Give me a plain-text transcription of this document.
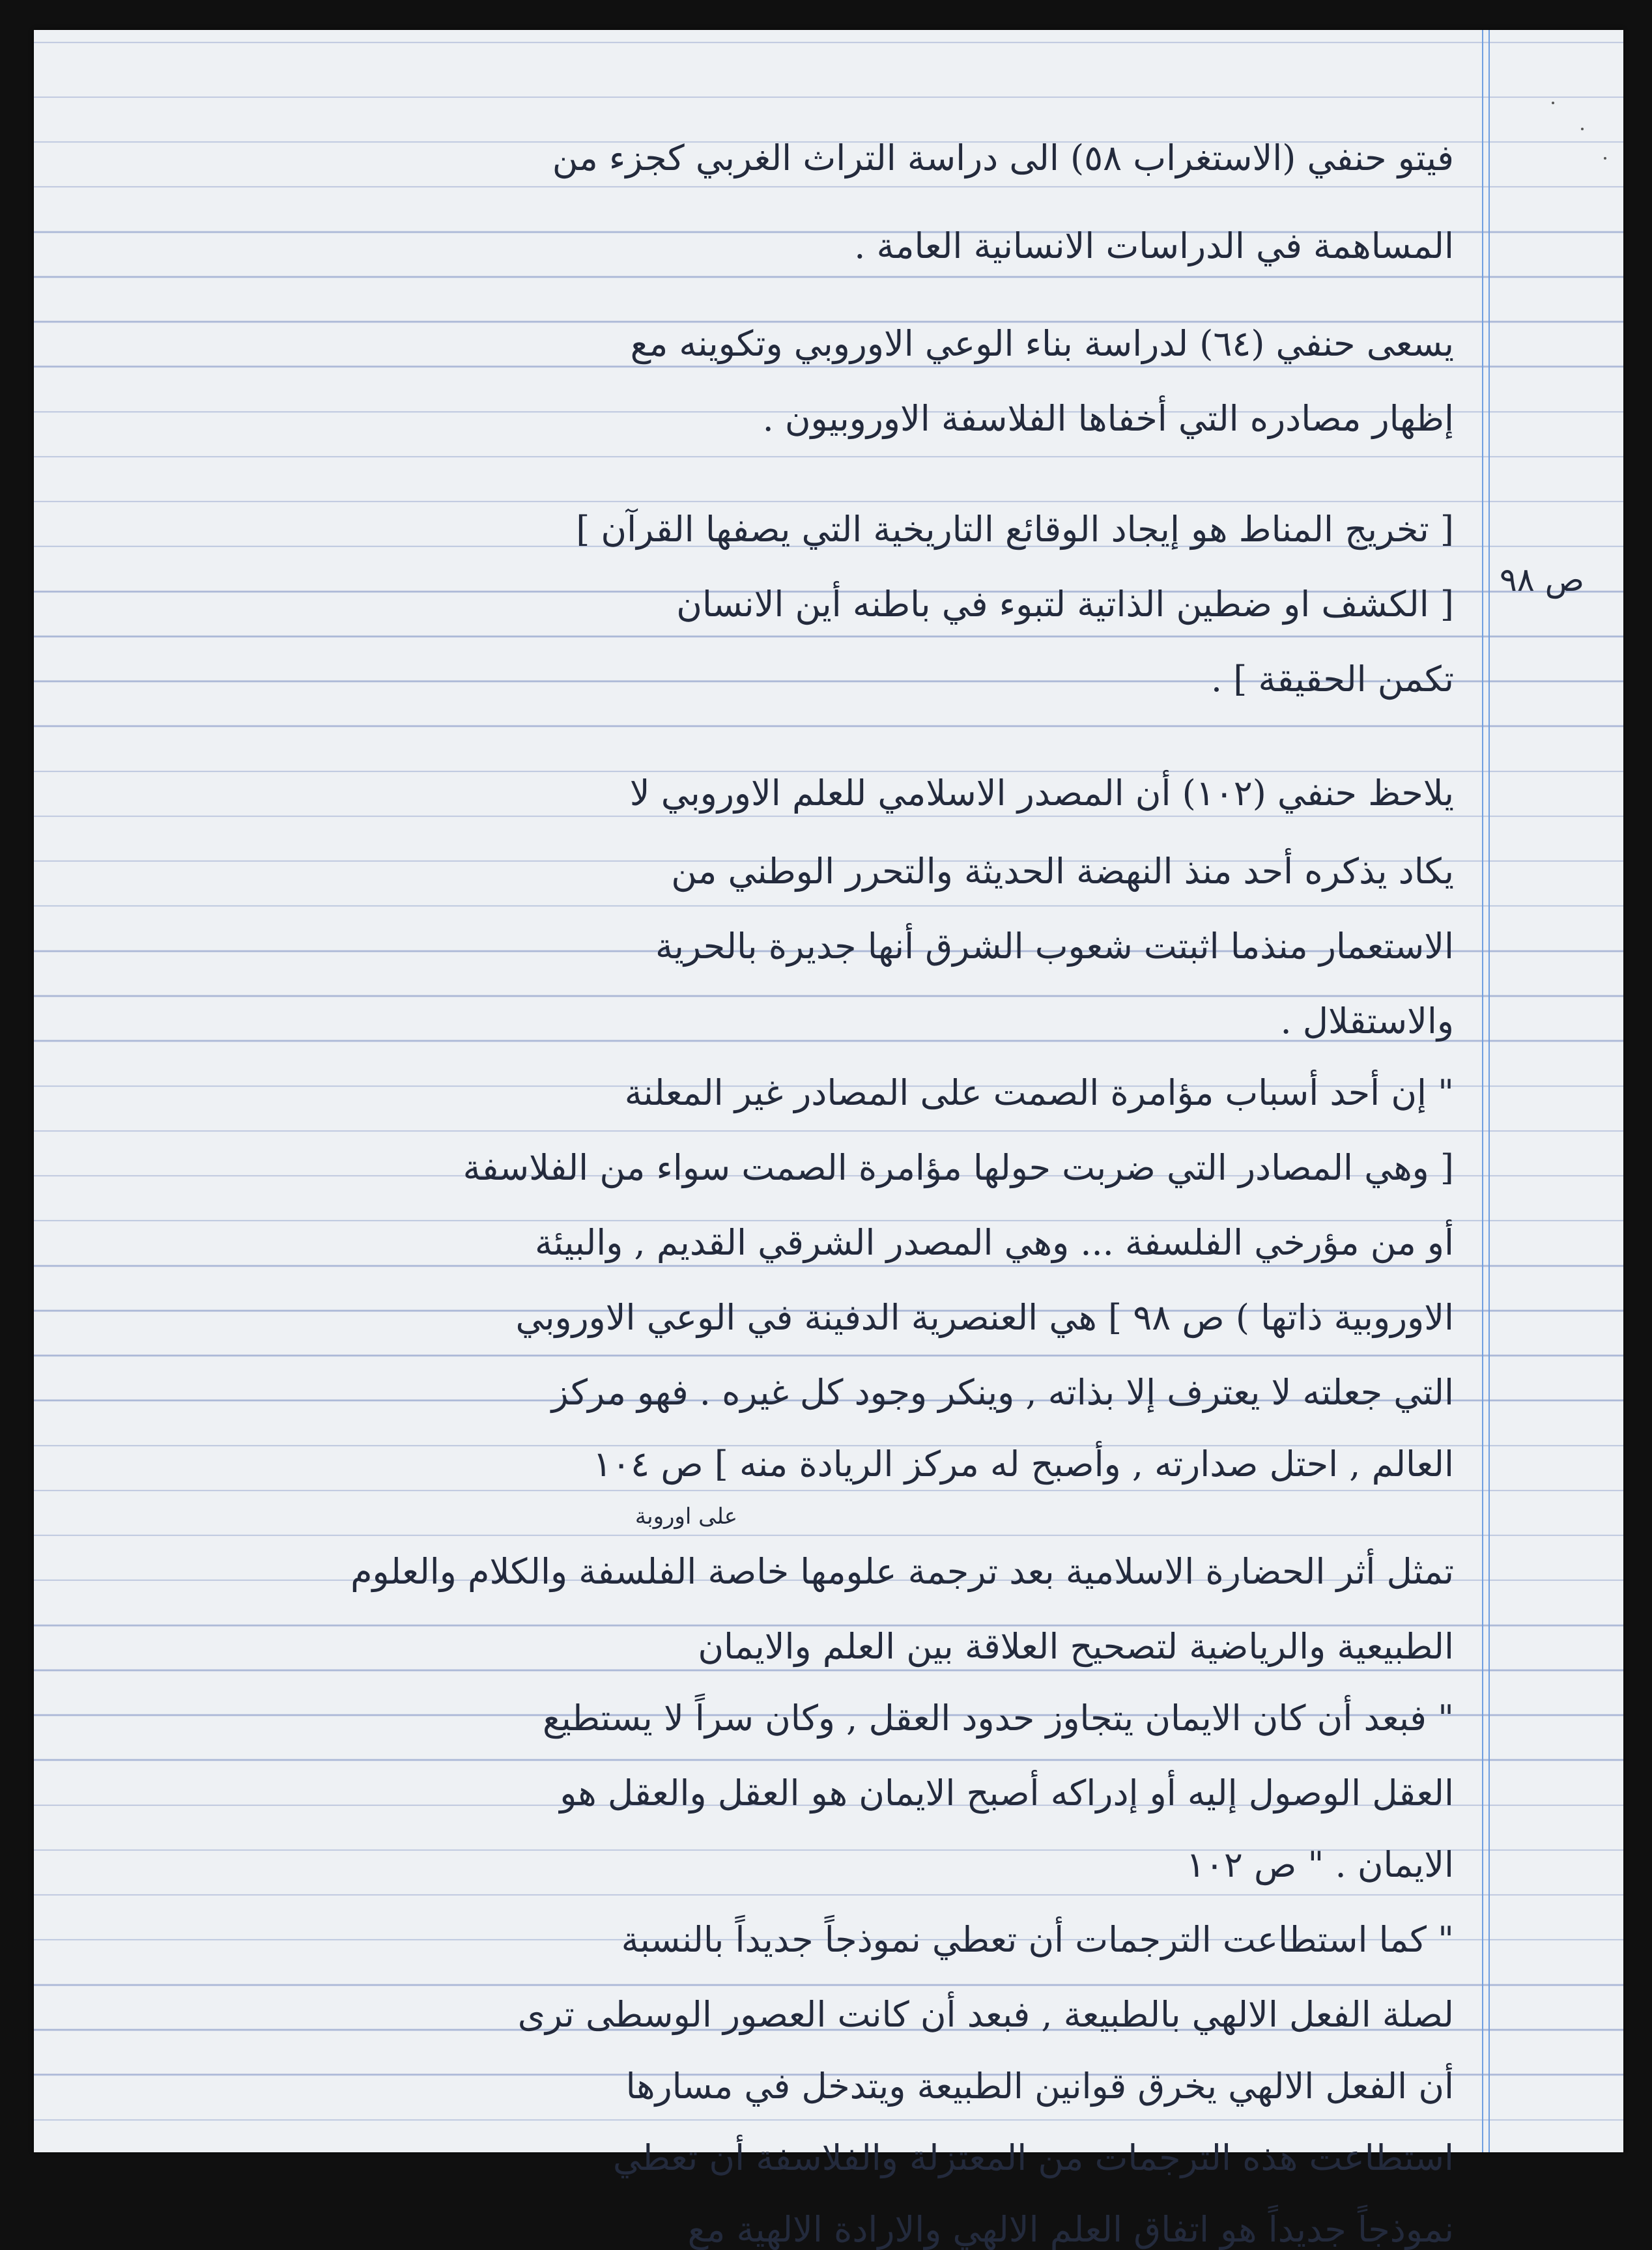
فيتو حنفي (الاستغراب ٥٨) الى دراسة التراث الغربي كجزء من
المساهمة في الدراسات الانسانية العامة .
يسعى حنفي (٦٤) لدراسة بناء الوعي الاوروبي وتكوينه مع
إظهار مصادره التي أخفاها الفلاسفة الاوروبيون .
[ تخريج المناط هو إيجاد الوقائع التاريخية التي يصفها القرآن ]
[ الكشف او ضطين الذاتية لتبوء في باطنه أين الانسان
تكمن الحقيقة ] .
يلاحظ حنفي (١٠٢) أن المصدر الاسلامي للعلم الاوروبي لا
يكاد يذكره أحد منذ النهضة الحديثة والتحرر الوطني من
الاستعمار منذما اثبتت شعوب الشرق أنها جديرة بالحرية
والاستقلال .
" إن أحد أسباب مؤامرة الصمت على المصادر غير المعلنة
[ وهي المصادر التي ضربت حولها مؤامرة الصمت سواء من الفلاسفة
أو من مؤرخي الفلسفة ... وهي المصدر الشرقي القديم , والبيئة
الاوروبية ذاتها ) ص ٩٨ ] هي العنصرية الدفينة في الوعي الاوروبي
التي جعلته لا يعترف إلا بذاته , وينكر وجود كل غيره . فهو مركز
العالم , احتل صدارته , وأصبح له مركز الريادة منه ] ص ١٠٤
على اوروبة
تمثل أثر الحضارة الاسلامية بعد ترجمة علومها خاصة الفلسفة والكلام والعلوم
الطبيعية والرياضية لتصحيح العلاقة بين العلم والايمان
" فبعد أن كان الايمان يتجاوز حدود العقل , وكان سراً لا يستطيع
العقل الوصول إليه أو إدراكه أصبح الايمان هو العقل والعقل هو
الايمان . " ص ١٠٢
" كما استطاعت الترجمات أن تعطي نموذجاً جديداً بالنسبة
لصلة الفعل الالهي بالطبيعة , فبعد أن كانت العصور الوسطى ترى
أن الفعل الالهي يخرق قوانين الطبيعة ويتدخل في مسارها
استطاعت هذه الترجمات من المعتزلة والفلاسفة أن تعطي
نموذجاً جديداً هو اتفاق العلم الالهي والارادة الالهية مع
ص ٩٨
